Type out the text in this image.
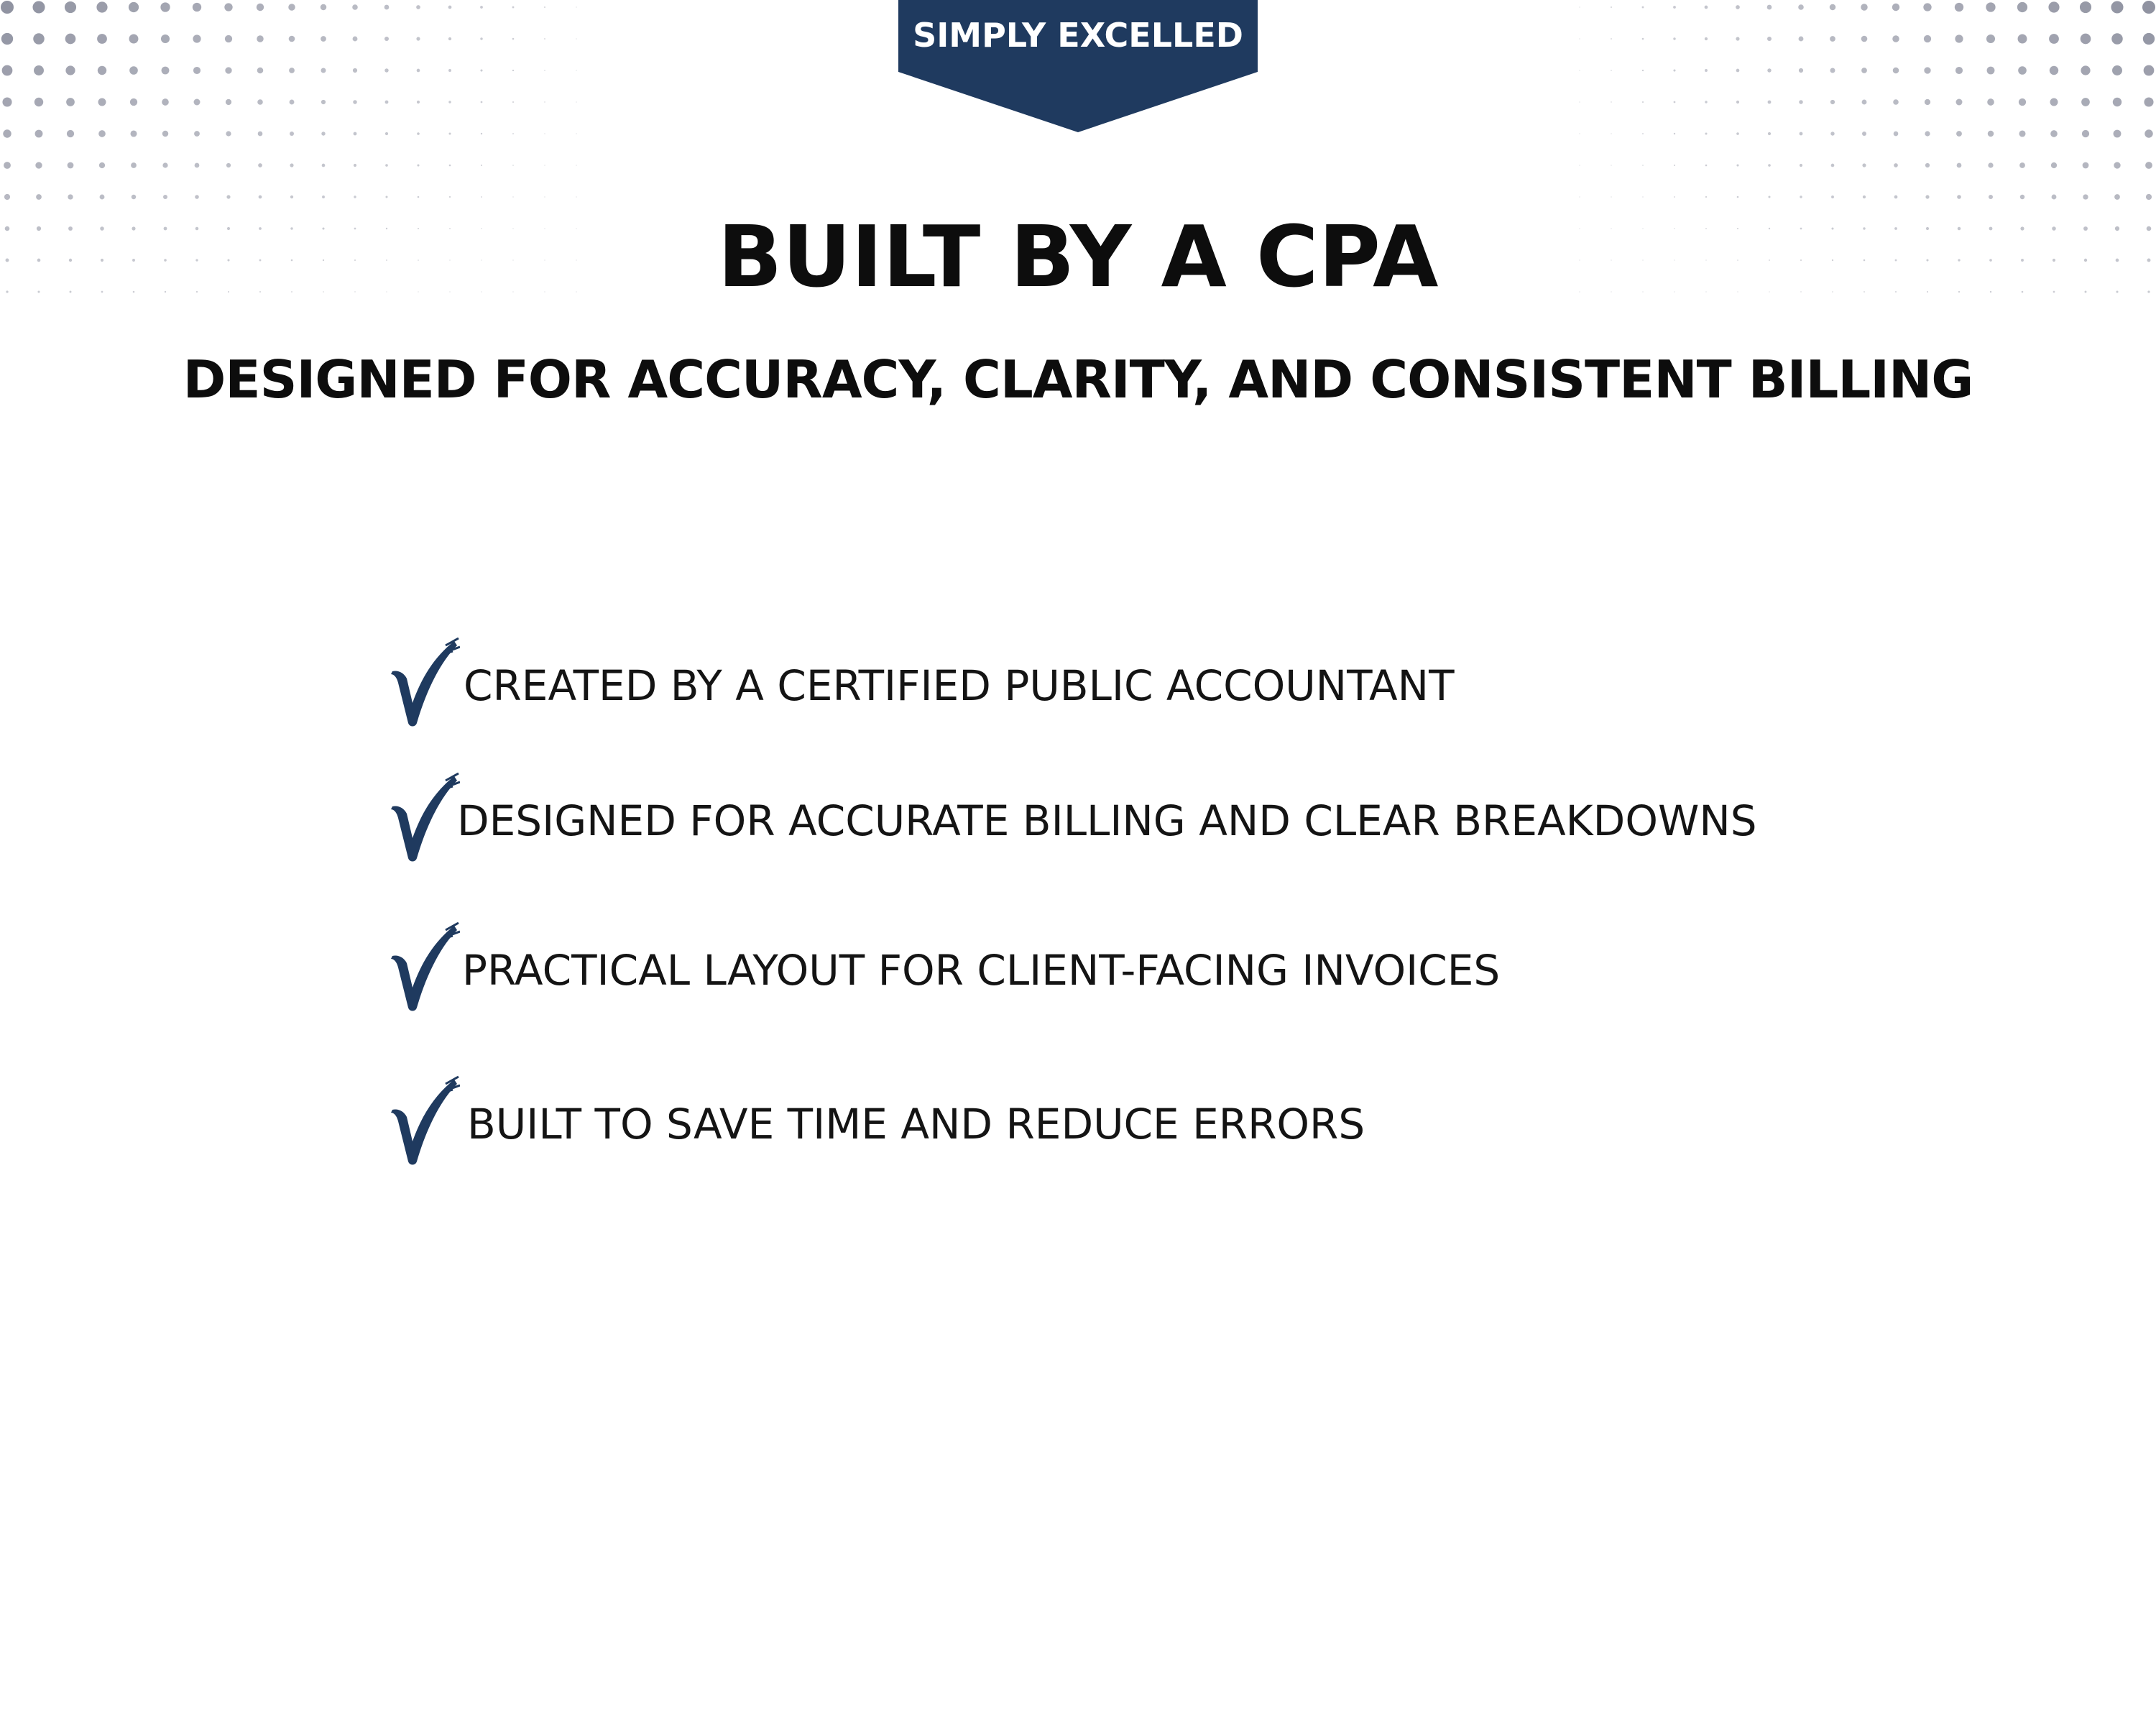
SIMPLY EXCELLED
BUILT BY A CPA
DESIGNED FOR ACCURACY, CLARITY, AND CONSISTENT BILLING
CREATED BY A CERTIFIED PUBLIC ACCOUNTANT
DESIGNED FOR ACCURATE BILLING AND CLEAR BREAKDOWNS
PRACTICAL LAYOUT FOR CLIENT-FACING INVOICES
BUILT TO SAVE TIME AND REDUCE ERRORS
